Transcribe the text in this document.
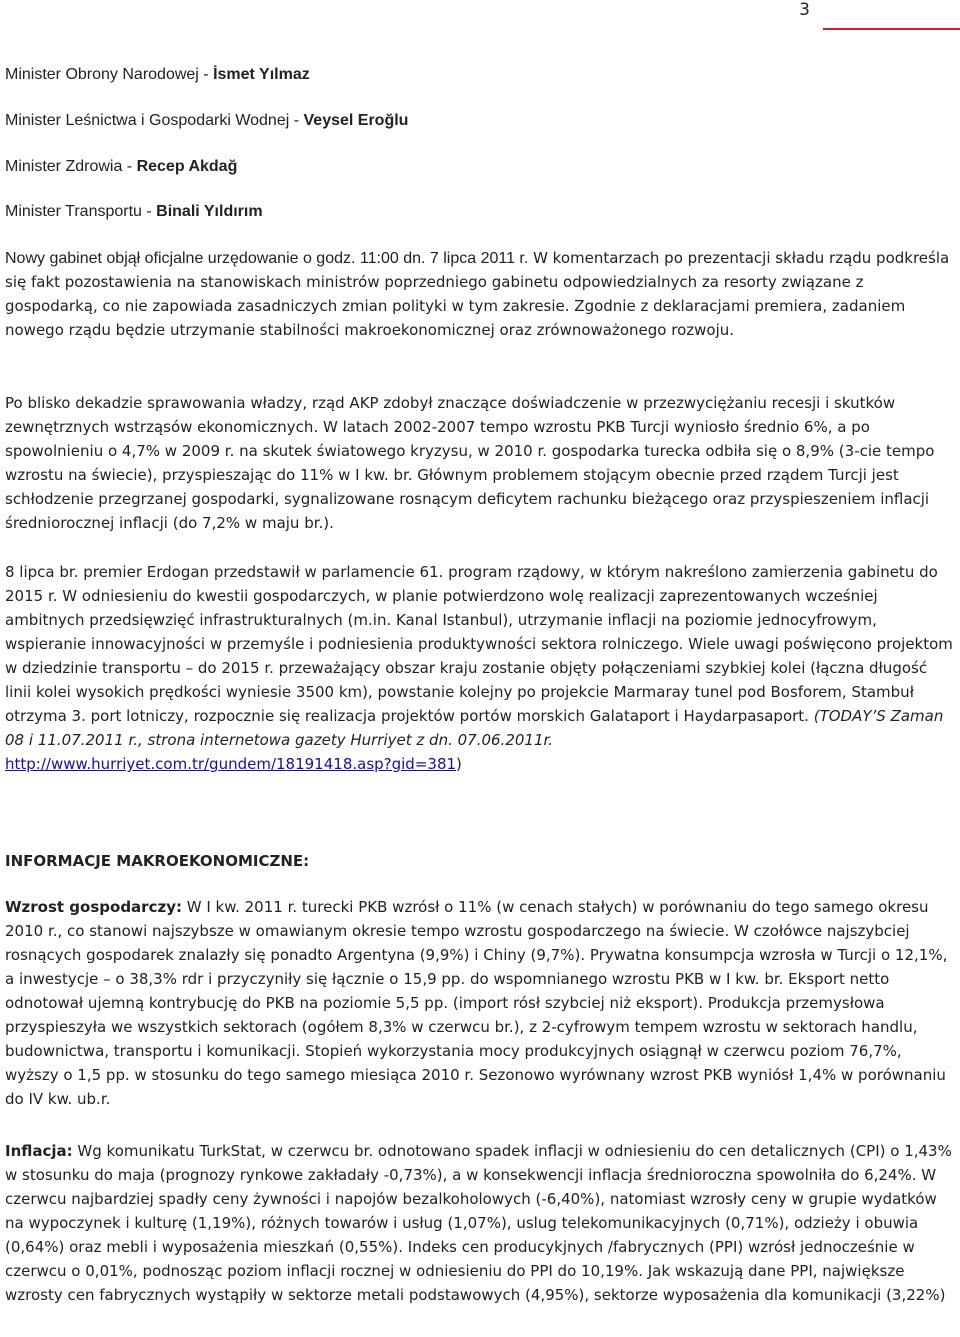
3

Minister Obrony Narodowej - İsmet Yılmaz

Minister Leśnictwa i Gospodarki Wodnej - Veysel Eroğlu

Minister Zdrowia - Recep Akdağ

Minister Transportu - Binali Yıldırım

Nowy gabinet objął oficjalne urzędowanie o godz. 11:00 dn. 7 lipca 2011 r. W komentarzach po prezentacji składu rządu podkreśla się fakt pozostawienia na stanowiskach ministrów poprzedniego gabinetu odpowiedzialnych za resorty związane z gospodarką, co nie zapowiada zasadniczych zmian polityki w tym zakresie. Zgodnie z deklaracjami premiera, zadaniem nowego rządu będzie utrzymanie stabilności makroekonomicznej oraz zrównoważonego rozwoju.

Po blisko dekadzie sprawowania władzy, rząd AKP zdobył znaczące doświadczenie w przezwyciężaniu recesji i skutków zewnętrznych wstrząsów ekonomicznych. W latach 2002-2007 tempo wzrostu PKB Turcji wyniosło średnio 6%, a po spowolnieniu o 4,7% w 2009 r. na skutek światowego kryzysu, w 2010 r. gospodarka turecka odbiła się o 8,9% (3-cie tempo wzrostu na świecie), przyspieszając do 11% w I kw. br. Głównym problemem stojącym obecnie przed rządem Turcji jest schłodzenie przegrzanej gospodarki, sygnalizowane rosnącym deficytem rachunku bieżącego oraz przyspieszeniem inflacji średniorocznej inflacji (do 7,2% w maju br.).

8 lipca br. premier Erdogan przedstawił w parlamencie 61. program rządowy, w którym nakreślono zamierzenia gabinetu do 2015 r. W odniesieniu do kwestii gospodarczych, w planie potwierdzono wolę realizacji zaprezentowanych wcześniej ambitnych przedsięwzięć infrastrukturalnych (m.in. Kanal Istanbul), utrzymanie inflacji na poziomie jednocyfrowym, wspieranie innowacyjności w przemyśle i podniesienia produktywności sektora rolniczego. Wiele uwagi poświęcono projektom w dziedzinie transportu – do 2015 r. przeważający obszar kraju zostanie objęty połączeniami szybkiej kolei (łączna długość linii kolei wysokich prędkości wyniesie 3500 km), powstanie kolejny po projekcie Marmaray tunel pod Bosforem, Stambuł otrzyma 3. port lotniczy, rozpocznie się realizacja projektów portów morskich Galataport i Haydarpasaport. (TODAY’S Zaman 08 i 11.07.2011 r., strona internetowa gazety Hurriyet z dn. 07.06.2011r.
http://www.hurriyet.com.tr/gundem/18191418.asp?gid=381)

INFORMACJE MAKROEKONOMICZNE:

Wzrost gospodarczy: W I kw. 2011 r. turecki PKB wzrósł o 11% (w cenach stałych) w porównaniu do tego samego okresu 2010 r., co stanowi najszybsze w omawianym okresie tempo wzrostu gospodarczego na świecie. W czołówce najszybciej rosnących gospodarek znalazły się ponadto Argentyna (9,9%) i Chiny (9,7%). Prywatna konsumpcja wzrosła w Turcji o 12,1%, a inwestycje – o 38,3% rdr i przyczyniły się łącznie o 15,9 pp. do wspomnianego wzrostu PKB w I kw. br. Eksport netto odnotował ujemną kontrybucję do PKB na poziomie 5,5 pp. (import rósł szybciej niż eksport). Produkcja przemysłowa przyspieszyła we wszystkich sektorach (ogółem 8,3% w czerwcu br.), z 2-cyfrowym tempem wzrostu w sektorach handlu, budownictwa, transportu i komunikacji. Stopień wykorzystania mocy produkcyjnych osiągnął w czerwcu poziom 76,7%, wyższy o 1,5 pp. w stosunku do tego samego miesiąca 2010 r. Sezonowo wyrównany wzrost PKB wyniósł 1,4% w porównaniu do IV kw. ub.r.

Inflacja: Wg komunikatu TurkStat, w czerwcu br. odnotowano spadek inflacji w odniesieniu do cen detalicznych (CPI) o 1,43% w stosunku do maja (prognozy rynkowe zakładały -0,73%), a w konsekwencji inflacja średnioroczna spowolniła do 6,24%. W czerwcu najbardziej spadły ceny żywności i napojów bezalkoholowych (-6,40%), natomiast wzrosły ceny w grupie wydatków na wypoczynek i kulturę (1,19%), różnych towarów i usług (1,07%), uslug telekomunikacyjnych (0,71%), odzieży i obuwia (0,64%) oraz mebli i wyposażenia mieszkań (0,55%). Indeks cen producykjnych /fabrycznych (PPI) wzrósł jednocześnie w czerwcu o 0,01%, podnosząc poziom inflacji rocznej w odniesieniu do PPI do 10,19%. Jak wskazują dane PPI, największe wzrosty cen fabrycznych wystąpiły w sektorze metali podstawowych (4,95%), sektorze wyposażenia dla komunikacji (3,22%)
